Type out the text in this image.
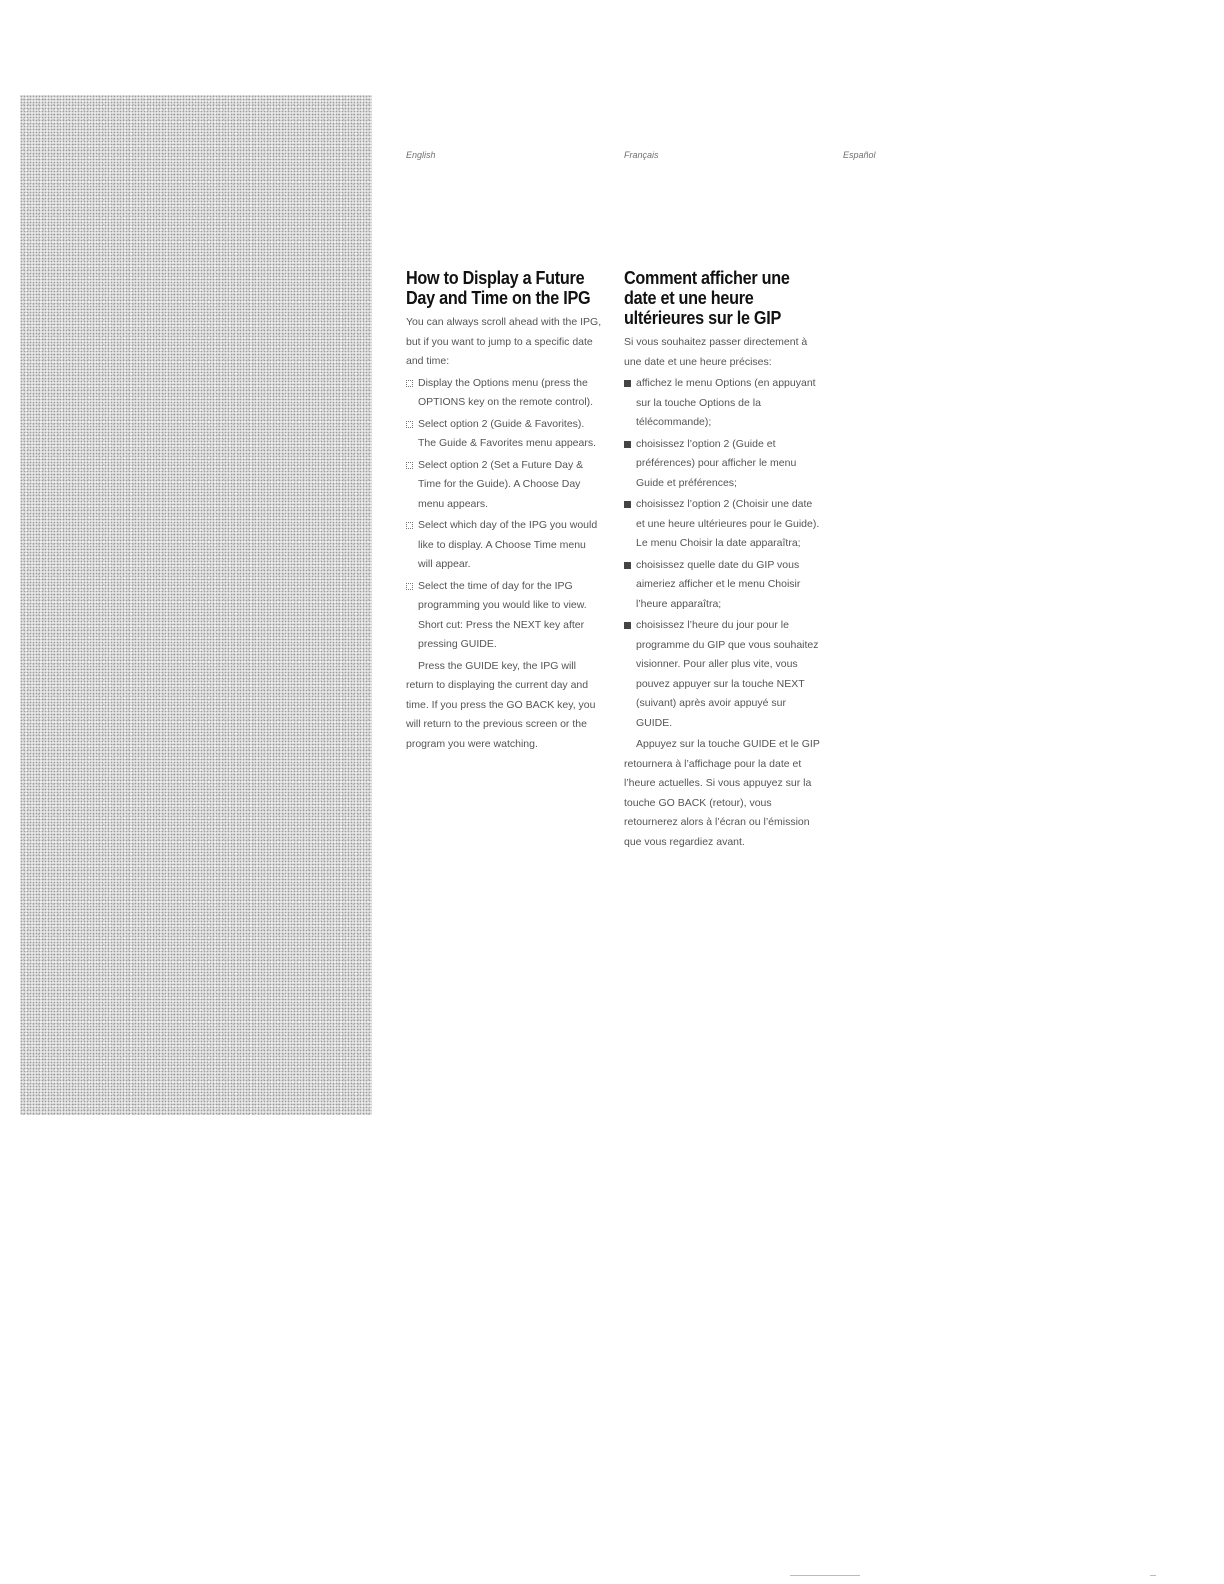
English	Français	Español
How to Display a Future Day and Time on the IPG

You can always scroll ahead with the IPG, but if you want to jump to a specific date and time:

Display the Options menu (press the OPTIONS key on the remote control).
Select option 2 (Guide & Favorites). The Guide & Favorites menu appears.
Select option 2 (Set a Future Day & Time for the Guide). A Choose Day menu appears.
Select which day of the IPG you would like to display. A Choose Time menu will appear.
Select the time of day for the IPG programming you would like to view. Short cut: Press the NEXT key after pressing GUIDE.

Press the GUIDE key, the IPG will return to displaying the current day and time. If you press the GO BACK key, you will return to the previous screen or the program you were watching.

Comment afficher une date et une heure ultérieures sur le GIP

Si vous souhaitez passer directement à une date et une heure précises:

affichez le menu Options (en appuyant sur la touche Options de la télécommande);
choisissez l’option 2 (Guide et préférences) pour afficher le menu Guide et préférences;
choisissez l’option 2 (Choisir une date et une heure ultérieures pour le Guide). Le menu Choisir la date apparaîtra;
choisissez quelle date du GIP vous aimeriez afficher et le menu Choisir l’heure apparaîtra;
choisissez l’heure du jour pour le programme du GIP que vous souhaitez visionner. Pour aller plus vite, vous pouvez appuyer sur la touche NEXT (suivant) après avoir appuyé sur GUIDE.

Appuyez sur la touche GUIDE et le GIP retournera à l’affichage pour la date et l’heure actuelles. Si vous appuyez sur la touche GO BACK (retour), vous retournerez alors à l’écran ou l’émission que vous regardiez avant.
